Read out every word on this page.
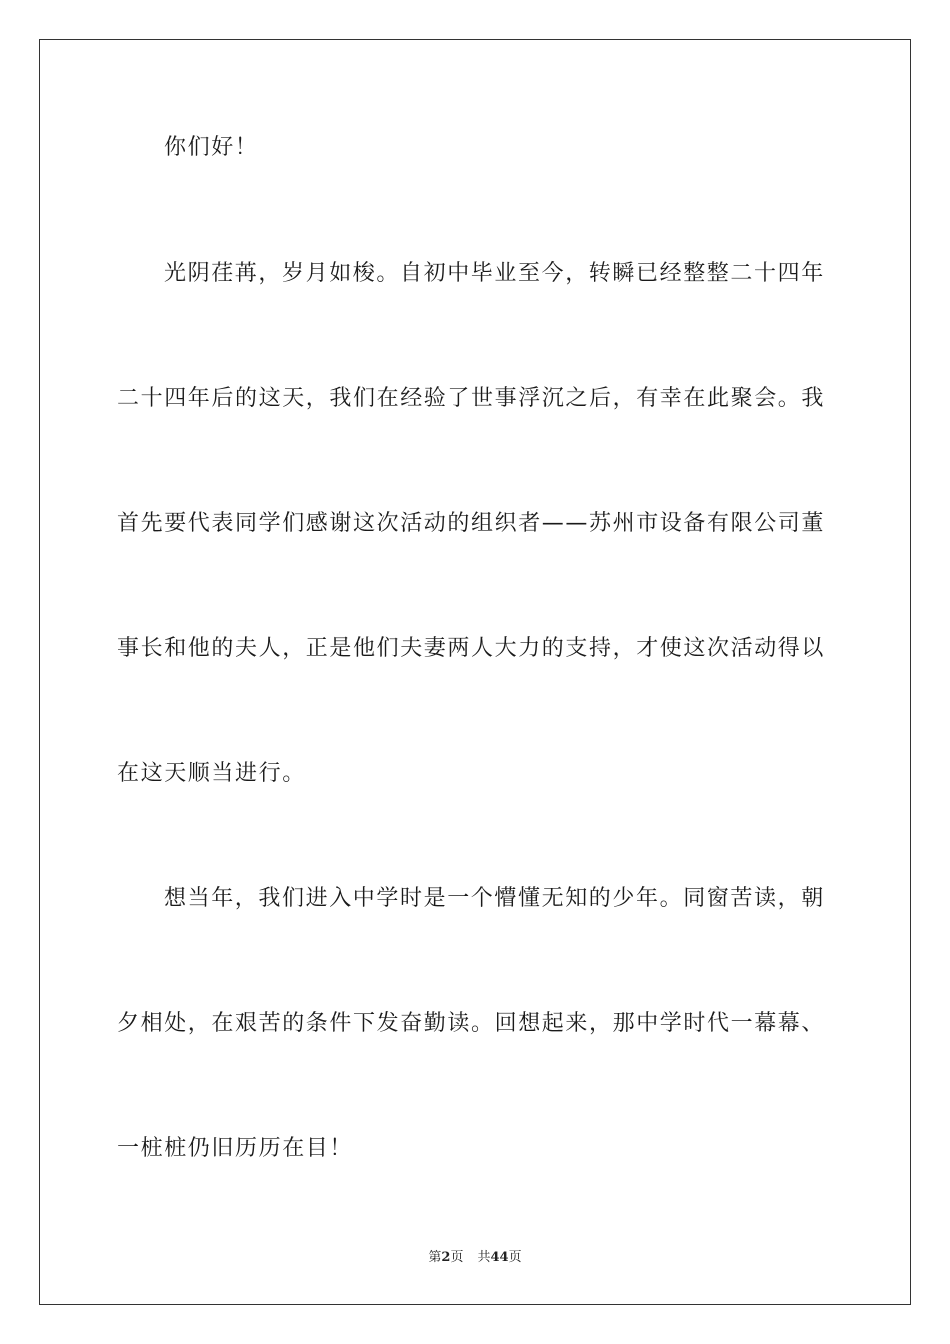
你们好！
光阴荏苒，岁月如梭。自初中毕业至今，转瞬已经整整二十四年
二十四年后的这天，我们在经验了世事浮沉之后，有幸在此聚会。我
首先要代表同学们感谢这次活动的组织者——苏州市设备有限公司董
事长和他的夫人，正是他们夫妻两人大力的支持，才使这次活动得以
在这天顺当进行。
想当年，我们进入中学时是一个懵懂无知的少年。同窗苦读，朝
夕相处，在艰苦的条件下发奋勤读。回想起来，那中学时代一幕幕、
一桩桩仍旧历历在目！
第2页 共44页
